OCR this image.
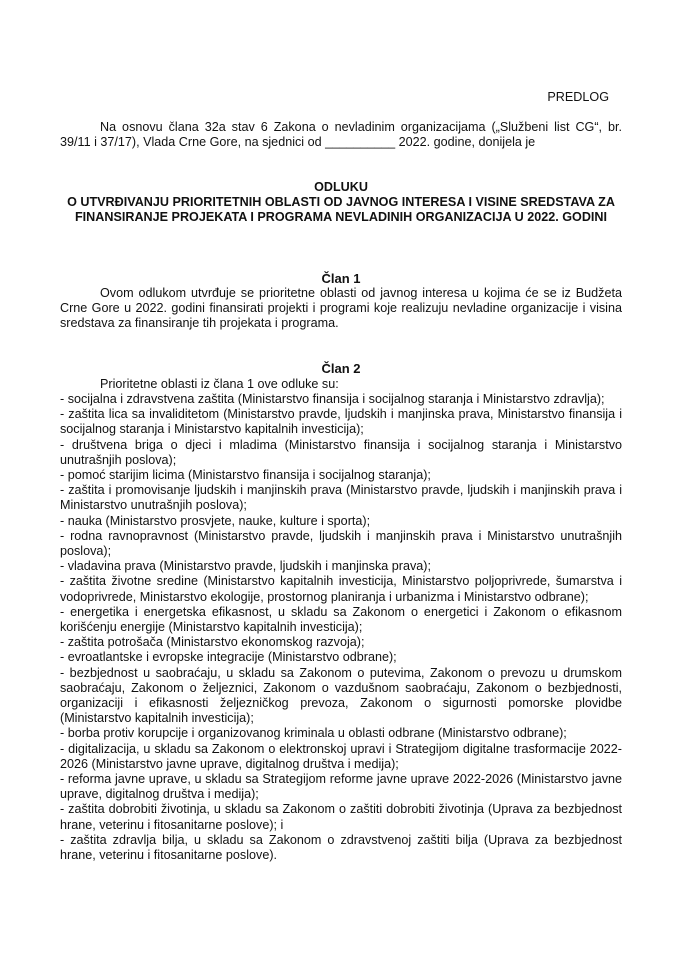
PREDLOG
Na osnovu člana 32a stav 6 Zakona o nevladinim organizacijama („Službeni list CG“, br. 39/11 i 37/17), Vlada Crne Gore, na sjednici od __________ 2022. godine, donijela je
ODLUKU
O UTVRĐIVANJU PRIORITETNIH OBLASTI OD JAVNOG INTERESA I VISINE SREDSTAVA ZA FINANSIRANJE PROJEKATA I PROGRAMA NEVLADINIH ORGANIZACIJA U 2022. GODINI
Član 1
Ovom odlukom utvrđuje se prioritetne oblasti od javnog interesa u kojima će se iz Budžeta Crne Gore u 2022. godini finansirati projekti i programi koje realizuju nevladine organizacije i visina sredstava za finansiranje tih projekata i programa.
Član 2
Prioritetne oblasti iz člana 1 ove odluke su:
- socijalna i zdravstvena zaštita (Ministarstvo finansija i socijalnog staranja i Ministarstvo zdravlja);
- zaštita lica sa invaliditetom (Ministarstvo pravde, ljudskih i manjinska prava, Ministarstvo finansija i socijalnog staranja i Ministarstvo kapitalnih investicija);
- društvena briga o djeci i mladima (Ministarstvo finansija i socijalnog staranja i Ministarstvo unutrašnjih poslova);
- pomoć starijim licima (Ministarstvo finansija i socijalnog staranja);
- zaštita i promovisanje ljudskih i manjinskih prava (Ministarstvo pravde, ljudskih i manjinskih prava i Ministarstvo unutrašnjih poslova);
- nauka (Ministarstvo prosvjete, nauke, kulture i sporta);
- rodna ravnopravnost (Ministarstvo pravde, ljudskih i manjinskih prava i Ministarstvo unutrašnjih poslova);
- vladavina prava (Ministarstvo pravde, ljudskih i manjinska prava);
- zaštita životne sredine (Ministarstvo kapitalnih investicija, Ministarstvo poljoprivrede, šumarstva i vodoprivrede, Ministarstvo ekologije, prostornog planiranja i urbanizma i Ministarstvo odbrane);
- energetika i energetska efikasnost, u skladu sa Zakonom o energetici i Zakonom o efikasnom korišćenju energije (Ministarstvo kapitalnih investicija);
- zaštita potrošača (Ministarstvo ekonomskog razvoja);
- evroatlantske i evropske integracije (Ministarstvo odbrane);
- bezbjednost u saobraćaju, u skladu sa Zakonom o putevima, Zakonom o prevozu u drumskom saobraćaju, Zakonom o željeznici, Zakonom o vazdušnom saobraćaju, Zakonom o bezbjednosti, organizaciji i efikasnosti željezničkog prevoza, Zakonom o sigurnosti pomorske plovidbe (Ministarstvo kapitalnih investicija);
- borba protiv korupcije i organizovanog kriminala u oblasti odbrane (Ministarstvo odbrane);
- digitalizacija, u skladu sa Zakonom o elektronskoj upravi i Strategijom digitalne trasformacije 2022-2026 (Ministarstvo javne uprave, digitalnog društva i medija);
- reforma javne uprave, u skladu sa Strategijom reforme javne uprave 2022-2026 (Ministarstvo javne uprave, digitalnog društva i medija);
- zaštita dobrobiti životinja, u skladu sa Zakonom o zaštiti dobrobiti životinja (Uprava za bezbjednost hrane, veterinu i fitosanitarne poslove); i
- zaštita zdravlja bilja, u skladu sa Zakonom o zdravstvenoj zaštiti bilja (Uprava za bezbjednost hrane, veterinu i fitosanitarne poslove).
